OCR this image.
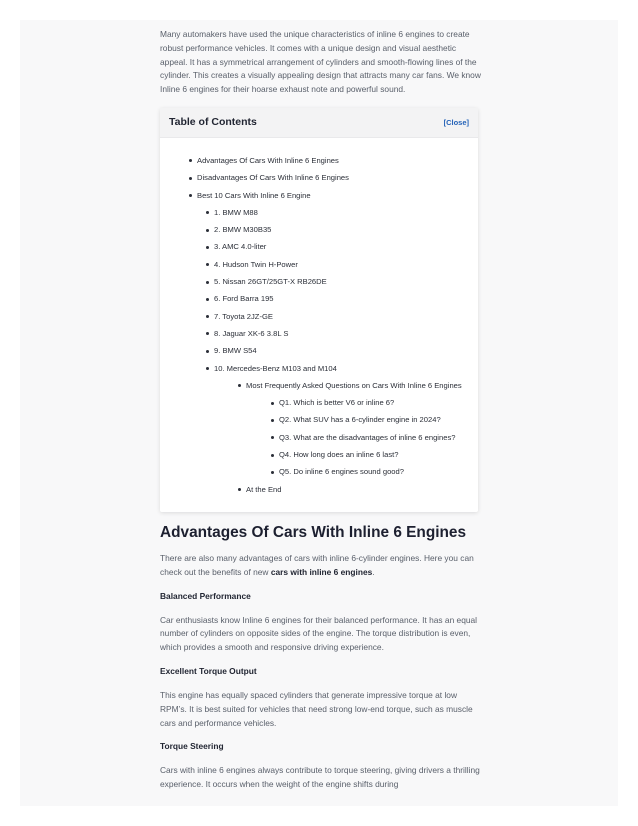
Many automakers have used the unique characteristics of inline 6 engines to create robust performance vehicles. It comes with a unique design and visual aesthetic appeal. It has a symmetrical arrangement of cylinders and smooth-flowing lines of the cylinder. This creates a visually appealing design that attracts many car fans. We know Inline 6 engines for their hoarse exhaust note and powerful sound.

Table of Contents	[Close]
Advantages Of Cars With Inline 6 Engines
Disadvantages Of Cars With Inline 6 Engines
Best 10 Cars With Inline 6 Engine
1. BMW M88
2. BMW M30B35
3. AMC 4.0-liter
4. Hudson Twin H-Power
5. Nissan 26GT/25GT-X RB26DE
6. Ford Barra 195
7. Toyota 2JZ-GE
8. Jaguar XK-6 3.8L S
9. BMW S54
10. Mercedes-Benz M103 and M104
Most Frequently Asked Questions on Cars With Inline 6 Engines
Q1. Which is better V6 or inline 6?
Q2. What SUV has a 6-cylinder engine in 2024?
Q3. What are the disadvantages of inline 6 engines?
Q4. How long does an inline 6 last?
Q5. Do inline 6 engines sound good?
At the End
Advantages Of Cars With Inline 6 Engines

There are also many advantages of cars with inline 6-cylinder engines. Here you can check out the benefits of new cars with inline 6 engines.

Balanced Performance

Car enthusiasts know Inline 6 engines for their balanced performance. It has an equal number of cylinders on opposite sides of the engine. The torque distribution is even, which provides a smooth and responsive driving experience.

Excellent Torque Output

This engine has equally spaced cylinders that generate impressive torque at low RPM’s. It is best suited for vehicles that need strong low-end torque, such as muscle cars and performance vehicles.

Torque Steering

Cars with inline 6 engines always contribute to torque steering, giving drivers a thrilling experience. It occurs when the weight of the engine shifts during
